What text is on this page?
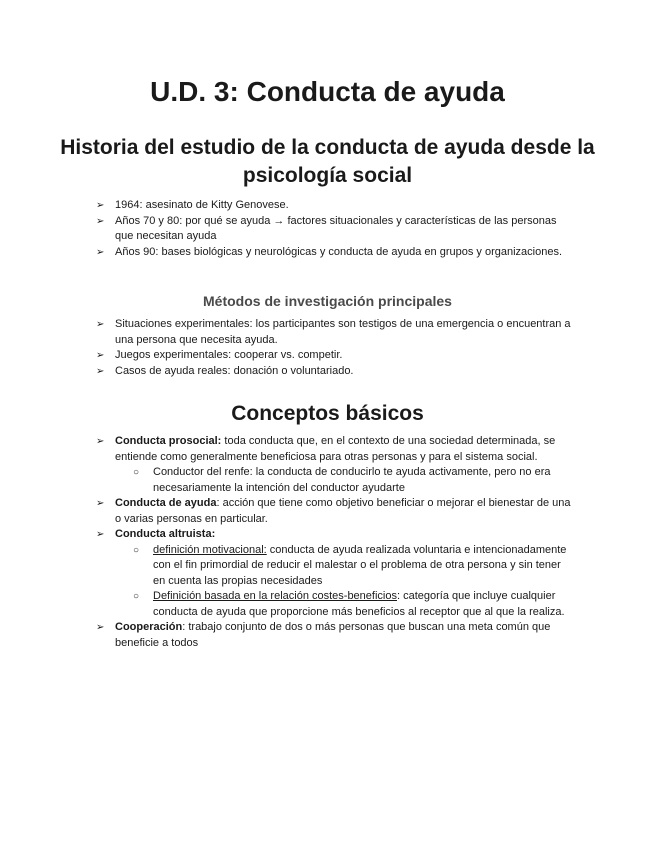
U.D. 3: Conducta de ayuda
Historia del estudio de la conducta de ayuda desde la psicología social
➢ 1964: asesinato de Kitty Genovese.
➢ Años 70 y 80: por qué se ayuda → factores situacionales y características de las personas que necesitan ayuda
➢ Años 90: bases biológicas y neurológicas y conducta de ayuda en grupos y organizaciones.
Métodos de investigación principales
➢ Situaciones experimentales: los participantes son testigos de una emergencia o encuentran a una persona que necesita ayuda.
➢ Juegos experimentales: cooperar vs. competir.
➢ Casos de ayuda reales: donación o voluntariado.
Conceptos básicos
➢ Conducta prosocial: toda conducta que, en el contexto de una sociedad determinada, se entiende como generalmente beneficiosa para otras personas y para el sistema social.
○ Conductor del renfe: la conducta de conducirlo te ayuda activamente, pero no era necesariamente la intención del conductor ayudarte
➢ Conducta de ayuda: acción que tiene como objetivo beneficiar o mejorar el bienestar de una o varias personas en particular.
➢ Conducta altruista:
○ definición motivacional: conducta de ayuda realizada voluntaria e intencionadamente con el fin primordial de reducir el malestar o el problema de otra persona y sin tener en cuenta las propias necesidades
○ Definición basada en la relación costes-beneficios: categoría que incluye cualquier conducta de ayuda que proporcione más beneficios al receptor que al que la realiza.
➢ Cooperación: trabajo conjunto de dos o más personas que buscan una meta común que beneficie a todos
